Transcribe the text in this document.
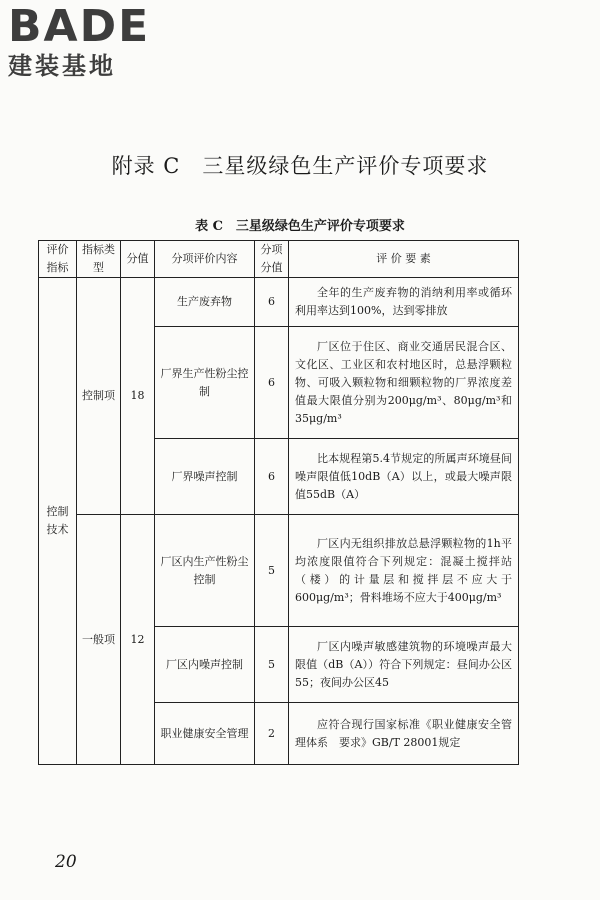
BADE
建装基地
附录 C　三星级绿色生产评价专项要求
表 C　三星级绿色生产评价专项要求
评价指标	指标类型	分值	分项评价内容	分项分值	评 价 要 素
控制技术	控制项	18	生产废弃物	6	全年的生产废弃物的消纳利用率或循环利用率达到100%，达到零排放
			厂界生产性粉尘控制	6	厂区位于住区、商业交通居民混合区、文化区、工业区和农村地区时，总悬浮颗粒物、可吸入颗粒物和细颗粒物的厂界浓度差值最大限值分别为200μg/m³、80μg/m³和35μg/m³
			厂界噪声控制	6	比本规程第5.4节规定的所属声环境昼间噪声限值低10dB（A）以上，或最大噪声限值55dB（A）
	一般项	12	厂区内生产性粉尘控制	5	厂区内无组织排放总悬浮颗粒物的1h平均浓度限值符合下列规定：混凝土搅拌站（楼）的计量层和搅拌层不应大于600μg/m³；骨料堆场不应大于400μg/m³
			厂区内噪声控制	5	厂区内噪声敏感建筑物的环境噪声最大限值（dB（A））符合下列规定：昼间办公区55；夜间办公区45
			职业健康安全管理	2	应符合现行国家标准《职业健康安全管理体系　要求》GB/T 28001规定
20
